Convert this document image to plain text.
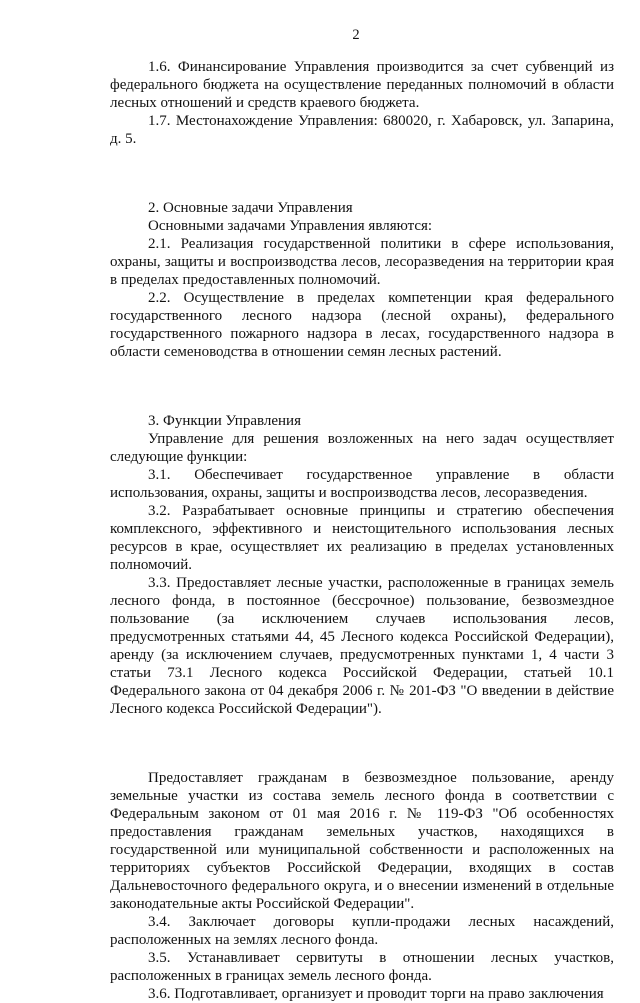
2

1.6. Финансирование Управления производится за счет субвенций из федерального бюджета на осуществление переданных полномочий в области лесных отношений и средств краевого бюджета.

1.7. Местонахождение Управления: 680020, г. Хабаровск, ул. Запарина, д. 5.

2. Основные задачи Управления

Основными задачами Управления являются:

2.1. Реализация государственной политики в сфере использования, охраны, защиты и воспроизводства лесов, лесоразведения на территории края в пределах предоставленных полномочий.

2.2. Осуществление в пределах компетенции края федерального государственного лесного надзора (лесной охраны), федерального государственного пожарного надзора в лесах, государственного надзора в области семеноводства в отношении семян лесных растений.

3. Функции Управления

Управление для решения возложенных на него задач осуществляет следующие функции:

3.1. Обеспечивает государственное управление в области использования, охраны, защиты и воспроизводства лесов, лесоразведения.

3.2. Разрабатывает основные принципы и стратегию обеспечения комплексного, эффективного и неистощительного использования лесных ресурсов в крае, осуществляет их реализацию в пределах установленных полномочий.

3.3. Предоставляет лесные участки, расположенные в границах земель лесного фонда, в постоянное (бессрочное) пользование, безвозмездное пользование (за исключением случаев использования лесов, предусмотренных статьями 44, 45 Лесного кодекса Российской Федерации), аренду (за исключением случаев, предусмотренных пунктами 1, 4 части 3 статьи 73.1 Лесного кодекса Российской Федерации, статьей 10.1 Федерального закона от 04 декабря 2006 г. № 201-ФЗ "О введении в действие Лесного кодекса Российской Федерации").

Предоставляет гражданам в безвозмездное пользование, аренду земельные участки из состава земель лесного фонда в соответствии с Федеральным законом от 01 мая 2016 г. № 119-ФЗ "Об особенностях предоставления гражданам земельных участков, находящихся в государственной или муниципальной собственности и расположенных на территориях субъектов Российской Федерации, входящих в состав Дальневосточного федерального округа, и о внесении изменений в отдельные законодательные акты Российской Федерации".

3.4. Заключает договоры купли-продажи лесных насаждений, расположенных на землях лесного фонда.

3.5. Устанавливает сервитуты в отношении лесных участков, расположенных в границах земель лесного фонда.

3.6. Подготавливает, организует и проводит торги на право заключения
